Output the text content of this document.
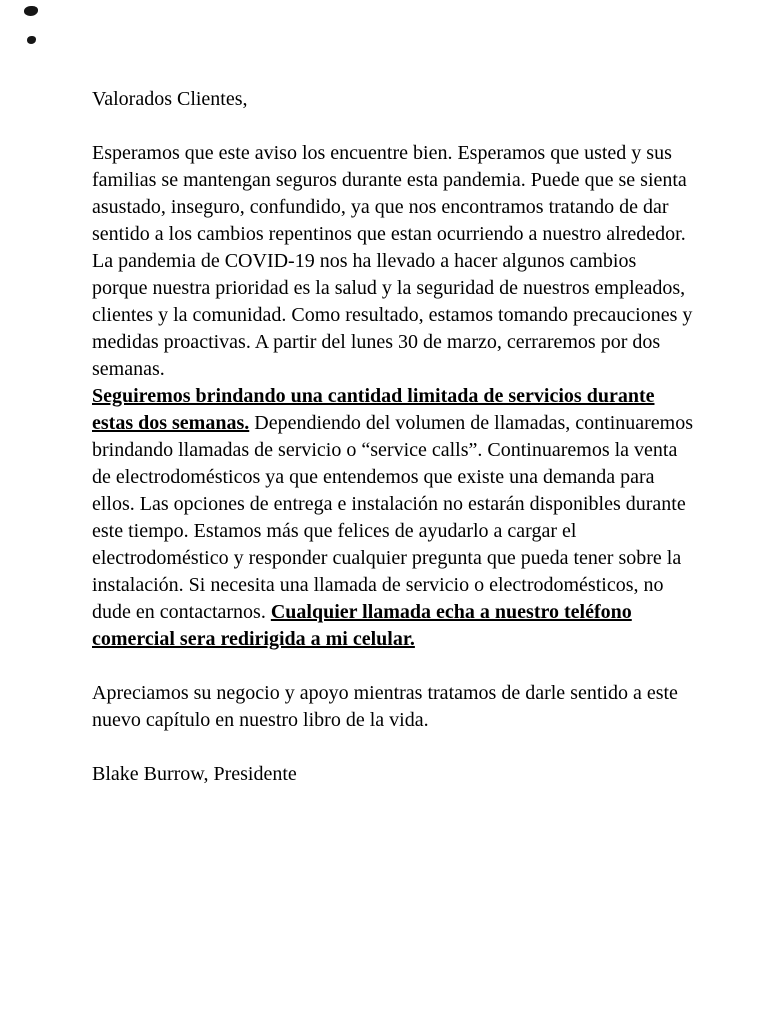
Valorados Clientes,

Esperamos que este aviso los encuentre bien. Esperamos que usted y sus familias se mantengan seguros durante esta pandemia. Puede que se sienta asustado, inseguro, confundido, ya que nos encontramos tratando de dar sentido a los cambios repentinos que estan ocurriendo a nuestro alrededor. La pandemia de COVID-19 nos ha llevado a hacer algunos cambios porque nuestra prioridad es la salud y la seguridad de nuestros empleados, clientes y la comunidad. Como resultado, estamos tomando precauciones y medidas proactivas. A partir del lunes 30 de marzo, cerraremos por dos semanas.
Seguiremos brindando una cantidad limitada de servicios durante estas dos semanas. Dependiendo del volumen de llamadas, continuaremos brindando llamadas de servicio o “service calls”. Continuaremos la venta de electrodomésticos ya que entendemos que existe una demanda para ellos. Las opciones de entrega e instalación no estarán disponibles durante este tiempo. Estamos más que felices de ayudarlo a cargar el electrodoméstico y responder cualquier pregunta que pueda tener sobre la instalación. Si necesita una llamada de servicio o electrodomésticos, no dude en contactarnos. Cualquier llamada echa a nuestro teléfono comercial sera redirigida a mi celular.

Apreciamos su negocio y apoyo mientras tratamos de darle sentido a este nuevo capítulo en nuestro libro de la vida.

Blake Burrow, Presidente
